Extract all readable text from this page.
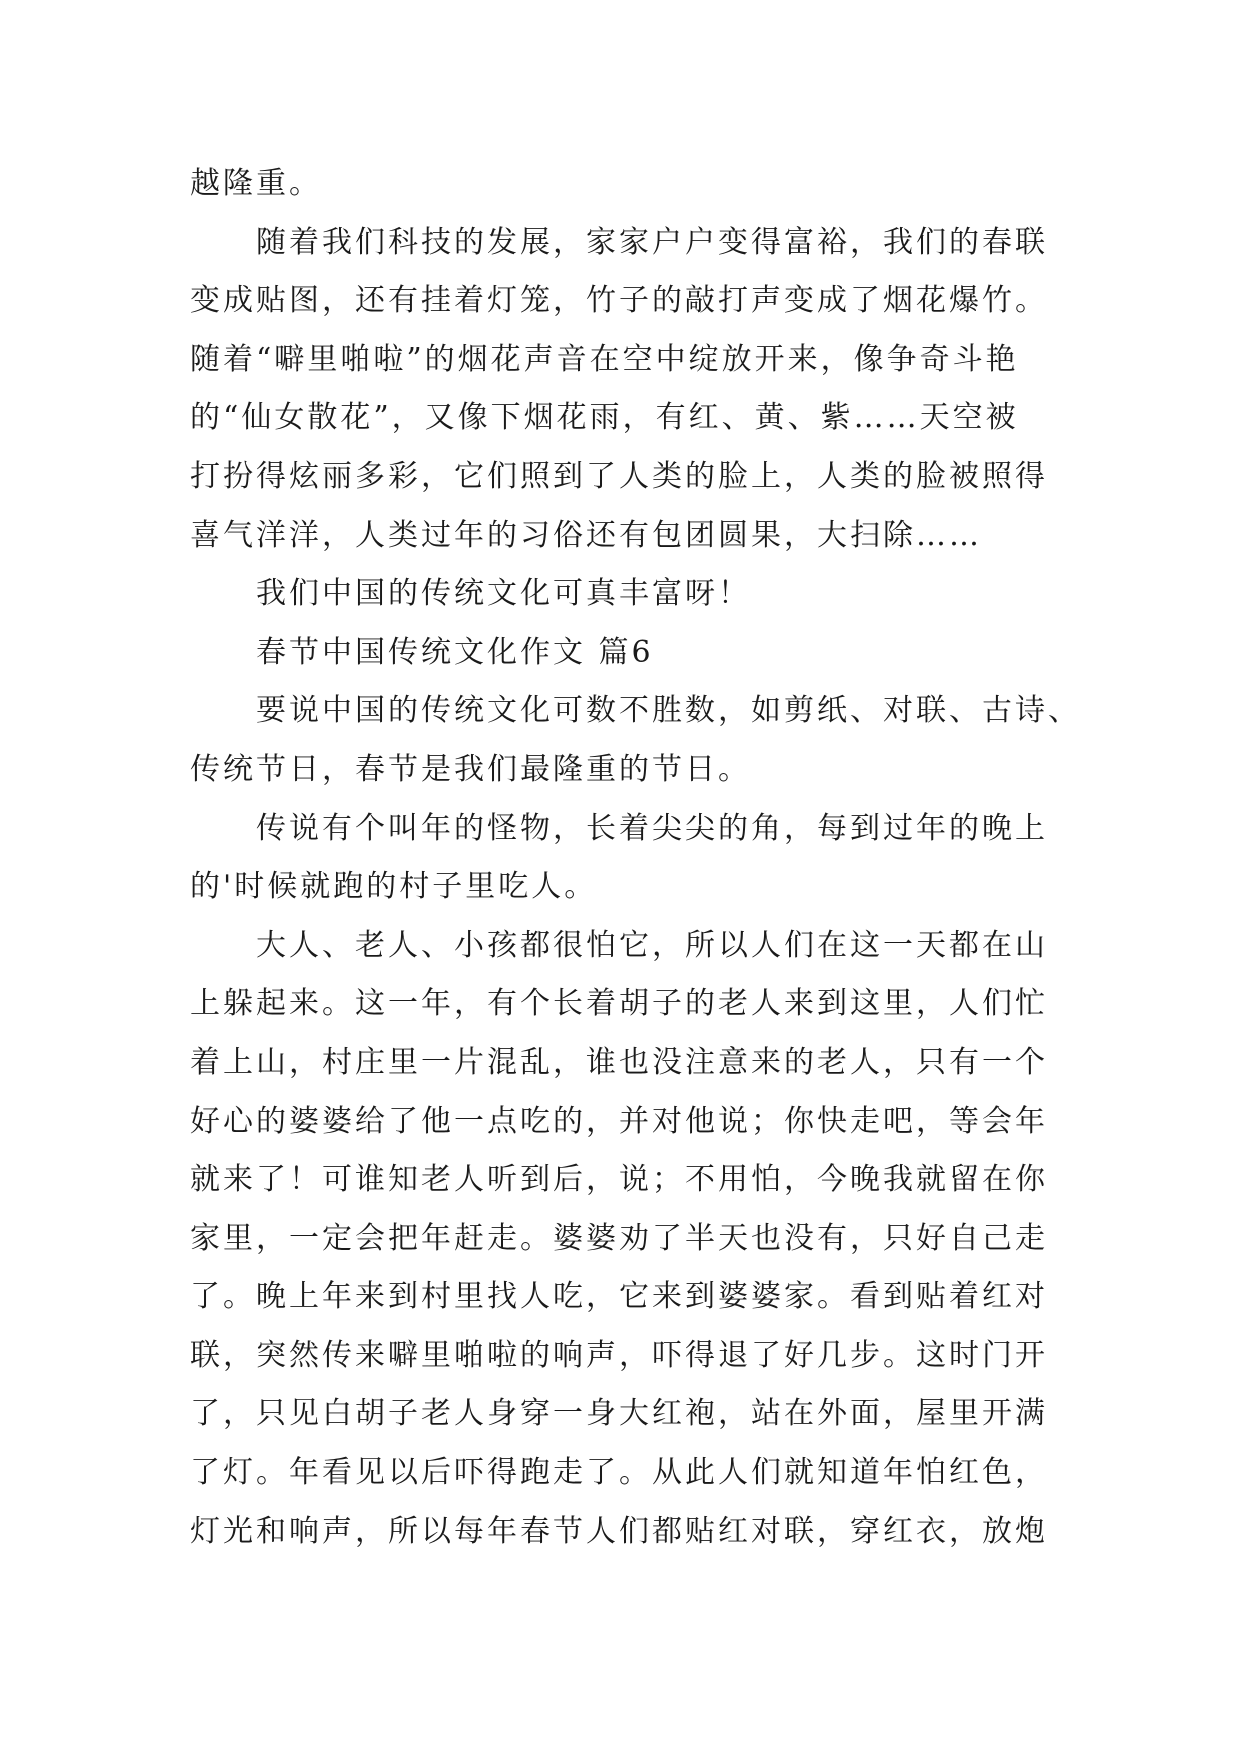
越隆重。
随着我们科技的发展，家家户户变得富裕，我们的春联
变成贴图，还有挂着灯笼，竹子的敲打声变成了烟花爆竹。
随着“噼里啪啦”的烟花声音在空中绽放开来，像争奇斗艳
的“仙女散花”，又像下烟花雨，有红、黄、紫……天空被
打扮得炫丽多彩，它们照到了人类的脸上，人类的脸被照得
喜气洋洋，人类过年的习俗还有包团圆果，大扫除……
我们中国的传统文化可真丰富呀！
春节中国传统文化作文 篇6
要说中国的传统文化可数不胜数，如剪纸、对联、古诗、
传统节日，春节是我们最隆重的节日。
传说有个叫年的怪物，长着尖尖的角，每到过年的晚上
的'时候就跑的村子里吃人。
大人、老人、小孩都很怕它，所以人们在这一天都在山
上躲起来。这一年，有个长着胡子的老人来到这里，人们忙
着上山，村庄里一片混乱，谁也没注意来的老人，只有一个
好心的婆婆给了他一点吃的，并对他说；你快走吧，等会年
就来了！可谁知老人听到后，说；不用怕，今晚我就留在你
家里，一定会把年赶走。婆婆劝了半天也没有，只好自己走
了。晚上年来到村里找人吃，它来到婆婆家。看到贴着红对
联，突然传来噼里啪啦的响声，吓得退了好几步。这时门开
了，只见白胡子老人身穿一身大红袍，站在外面，屋里开满
了灯。年看见以后吓得跑走了。从此人们就知道年怕红色，
灯光和响声，所以每年春节人们都贴红对联，穿红衣，放炮
